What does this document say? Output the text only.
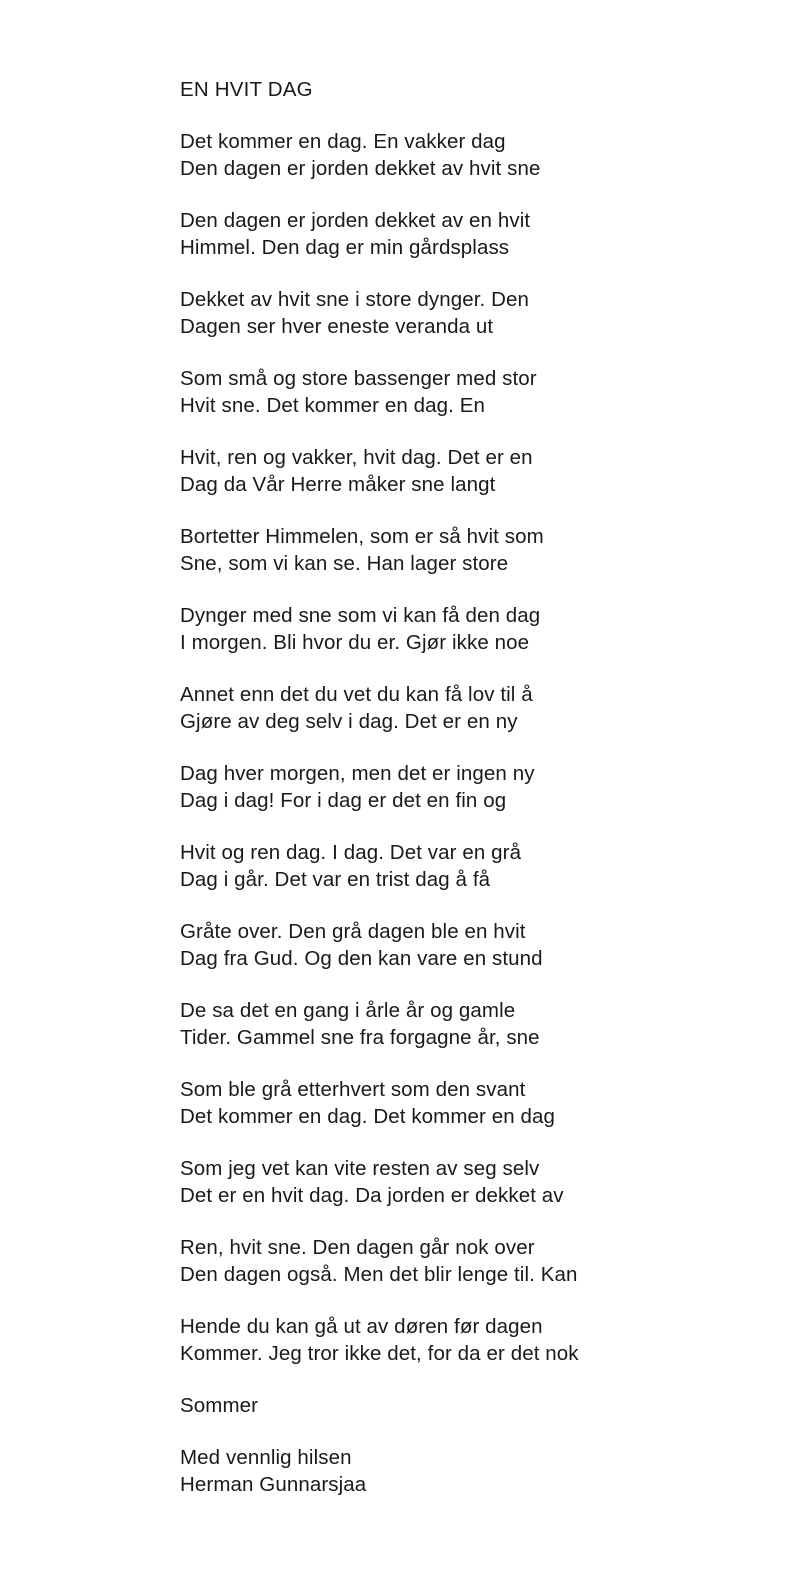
EN HVIT DAG
Det kommer en dag. En vakker dag
Den dagen er jorden dekket av hvit sne
Den dagen er jorden dekket av en hvit
Himmel. Den dag er min gårdsplass
Dekket av hvit sne i store dynger. Den
Dagen ser hver eneste veranda ut
Som små og store bassenger med stor
Hvit sne. Det kommer en dag. En
Hvit, ren og vakker, hvit dag. Det er en
Dag da Vår Herre måker sne langt
Bortetter Himmelen, som er så hvit som
Sne, som vi kan se. Han lager store
Dynger med sne som vi kan få den dag
I morgen. Bli hvor du er. Gjør ikke noe
Annet enn det du vet du kan få lov til å
Gjøre av deg selv i dag. Det er en ny
Dag hver morgen, men det er ingen ny
Dag i dag! For i dag er det en fin og
Hvit og ren dag. I dag. Det var en grå
Dag i går. Det var en trist dag å få
Gråte over. Den grå dagen ble en hvit
Dag fra Gud. Og den kan vare en stund
De sa det en gang i årle år og gamle
Tider. Gammel sne fra forgagne år, sne
Som ble grå etterhvert som den svant
Det kommer en dag. Det kommer en dag
Som jeg vet kan vite resten av seg selv
Det er en hvit dag. Da jorden er dekket av
Ren, hvit sne. Den dagen går nok over
Den dagen også. Men det blir lenge til. Kan
Hende du kan gå ut av døren før dagen
Kommer. Jeg tror ikke det, for da er det nok
Sommer
Med vennlig hilsen
Herman Gunnarsjaa
